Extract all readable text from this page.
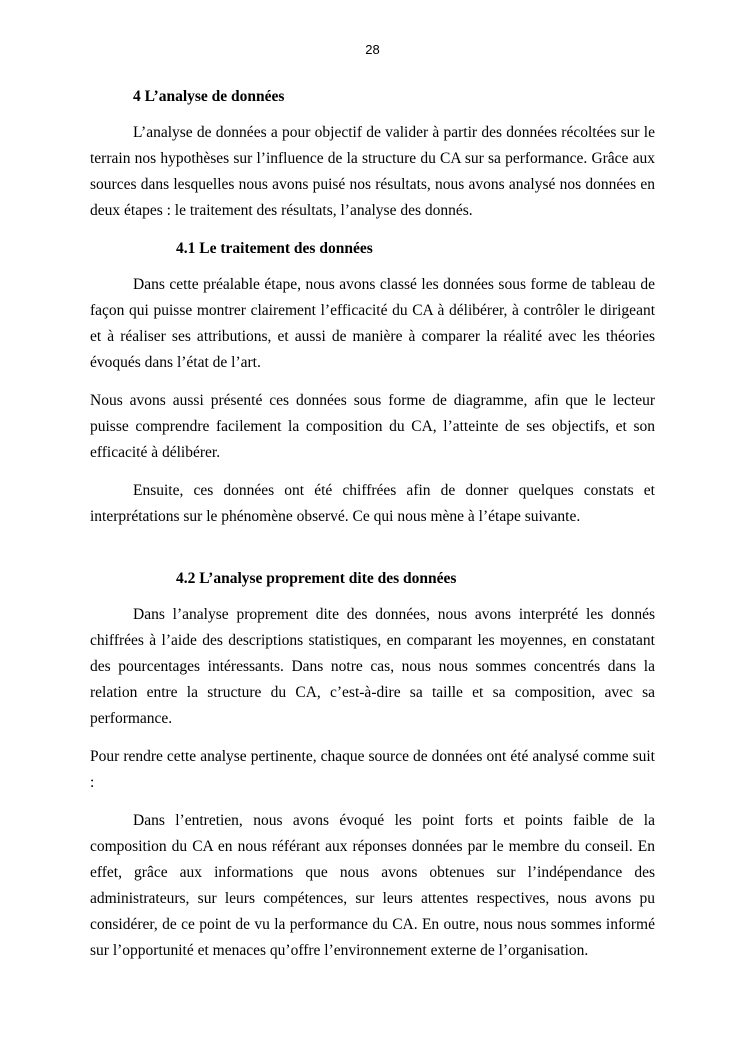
28
4 L’analyse de données

L’analyse de données a pour objectif de valider à partir des données récoltées sur le terrain nos hypothèses sur l’influence de la structure du CA sur sa performance. Grâce aux sources dans lesquelles nous avons puisé nos résultats, nous avons analysé nos données en deux étapes : le traitement des résultats, l’analyse des donnés.

4.1 Le traitement des données

Dans cette préalable étape, nous avons classé les données sous forme de tableau de façon qui puisse montrer clairement l’efficacité du CA à délibérer, à contrôler le dirigeant et à réaliser ses attributions, et aussi de manière à comparer la réalité avec les théories évoqués dans l’état de l’art.

Nous avons aussi présenté ces données sous forme de diagramme, afin que le lecteur puisse comprendre facilement la composition du CA, l’atteinte de ses objectifs, et son efficacité à délibérer.

Ensuite, ces données ont été chiffrées afin de donner quelques constats et interprétations sur le phénomène observé. Ce qui nous mène à l’étape suivante.

4.2 L’analyse proprement dite des données

Dans l’analyse proprement dite des données, nous avons interprété les donnés chiffrées à l’aide des descriptions statistiques, en comparant les moyennes, en constatant des pourcentages intéressants. Dans notre cas, nous nous sommes concentrés dans la relation entre la structure du CA, c’est-à-dire sa taille et sa composition, avec sa performance.

Pour rendre cette analyse pertinente, chaque source de données ont été analysé comme suit :

Dans l’entretien, nous avons évoqué les point forts et points faible de la composition du CA en nous référant aux réponses données par le membre du conseil. En effet, grâce aux informations que nous avons obtenues sur l’indépendance des administrateurs, sur leurs compétences, sur leurs attentes respectives, nous avons pu considérer, de ce point de vu la performance du CA. En outre, nous nous sommes informé sur l’opportunité et menaces qu’offre l’environnement externe de l’organisation.
